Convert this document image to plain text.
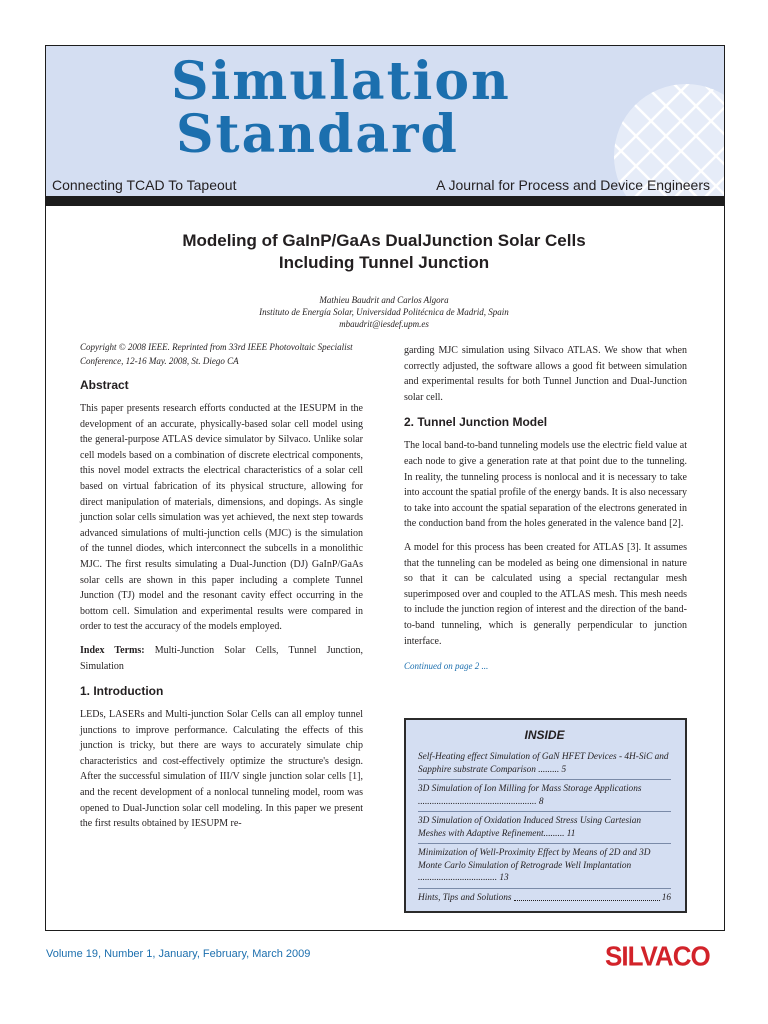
Simulation
Standard
Connecting TCAD To Tapeout	A Journal for Process and Device Engineers
Modeling of GaInP/GaAs DualJunction Solar Cells
Including Tunnel Junction
Mathieu Baudrit and Carlos Algora
Instituto de Energía Solar, Universidad Politécnica de Madrid, Spain
mbaudrit@iesdef.upm.es

Copyright © 2008 IEEE. Reprinted from 33rd IEEE Photovoltaic Specialist Conference, 12-16 May. 2008, St. Diego CA

Abstract

This paper presents research efforts conducted at the IESUPM in the development of an accurate, physically-based solar cell model using the general-purpose ATLAS device simulator by Silvaco. Unlike solar cell models based on a combination of discrete electrical components, this novel model extracts the electrical characteristics of a solar cell based on virtual fabrication of its physical structure, allowing for direct manipulation of materials, dimensions, and dopings. As single junction solar cells simulation was yet achieved, the next step towards advanced simulations of multi-junction cells (MJC) is the simulation of the tunnel diodes, which interconnect the subcells in a monolithic MJC. The first results simulating a Dual-Junction (DJ) GaInP/GaAs solar cells are shown in this paper including a complete Tunnel Junction (TJ) model and the resonant cavity effect occurring in the bottom cell. Simulation and experimental results were compared in order to test the accuracy of the models employed.

Index Terms: Multi-Junction Solar Cells, Tunnel Junction, Simulation

1. Introduction

LEDs, LASERs and Multi-junction Solar Cells can all employ tunnel junctions to improve performance. Calculating the effects of this junction is tricky, but there are ways to accurately simulate chip characteristics and cost-effectively optimize the structure's design. After the successful simulation of III/V single junction solar cells [1], and the recent development of a nonlocal tunneling model, room was opened to Dual-Junction solar cell modeling. In this paper we present the first results obtained by IESUPM re-

garding MJC simulation using Silvaco ATLAS. We show that when correctly adjusted, the software allows a good fit between simulation and experimental results for both Tunnel Junction and Dual-Junction solar cell.

2. Tunnel Junction Model

The local band-to-band tunneling models use the electric field value at each node to give a generation rate at that point due to the tunneling. In reality, the tunneling process is nonlocal and it is necessary to take into account the spatial profile of the energy bands. It is also necessary to take into account the spatial separation of the electrons generated in the conduction band from the holes generated in the valence band [2].

A model for this process has been created for ATLAS [3]. It assumes that the tunneling can be modeled as being one dimensional in nature so that it can be calculated using a special rectangular mesh superimposed over and coupled to the ATLAS mesh. This mesh needs to include the junction region of interest and the direction of the band-to-band tunneling, which is generally perpendicular to junction interface.

Continued on page 2 ...
INSIDE
Self-Heating effect Simulation of GaN HFET Devices - 4H-SiC and Sapphire substrate Comparison ......... 5
3D Simulation of Ion Milling for Mass Storage Applications ................................................... 8
3D Simulation of Oxidation Induced Stress Using Cartesian Meshes with Adaptive Refinement......... 11
Minimization of Well-Proximity Effect by Means of 2D and 3D Monte Carlo Simulation of Retrograde Well Implantation .................................. 13
Hints, Tips and Solutions	16
Volume 19, Number 1, January, February, March 2009	SILVACO
